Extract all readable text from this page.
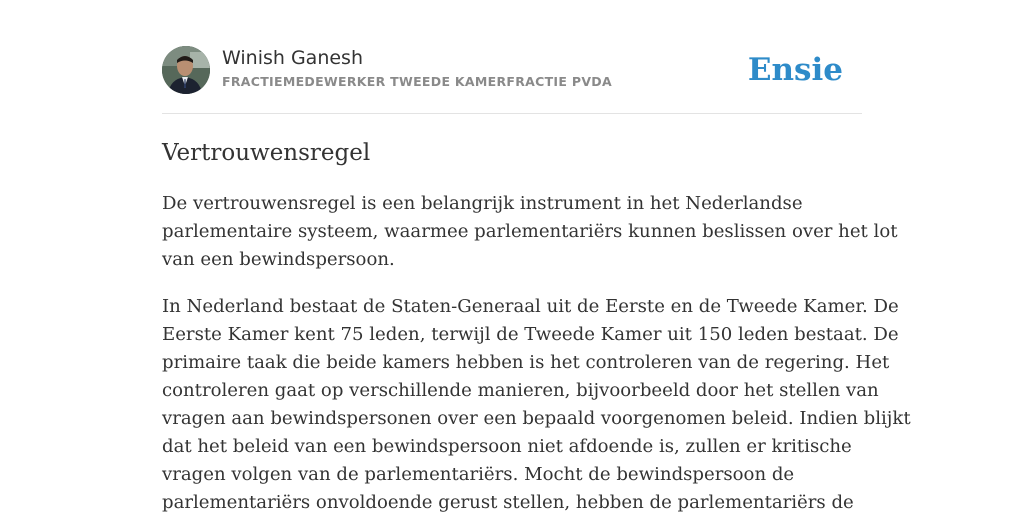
Winish Ganesh
FRACTIEMEDEWERKER TWEEDE KAMERFRACTIE PVDA	Ensie
Vertrouwensregel

De vertrouwensregel is een belangrijk instrument in het Nederlandse
parlementaire systeem, waarmee parlementariërs kunnen beslissen over het lot
van een bewindspersoon.

In Nederland bestaat de Staten-Generaal uit de Eerste en de Tweede Kamer. De
Eerste Kamer kent 75 leden, terwijl de Tweede Kamer uit 150 leden bestaat. De
primaire taak die beide kamers hebben is het controleren van de regering. Het
controleren gaat op verschillende manieren, bijvoorbeeld door het stellen van
vragen aan bewindspersonen over een bepaald voorgenomen beleid. Indien blijkt
dat het beleid van een bewindspersoon niet afdoende is, zullen er kritische
vragen volgen van de parlementariërs. Mocht de bewindspersoon de
parlementariërs onvoldoende gerust stellen, hebben de parlementariërs de
